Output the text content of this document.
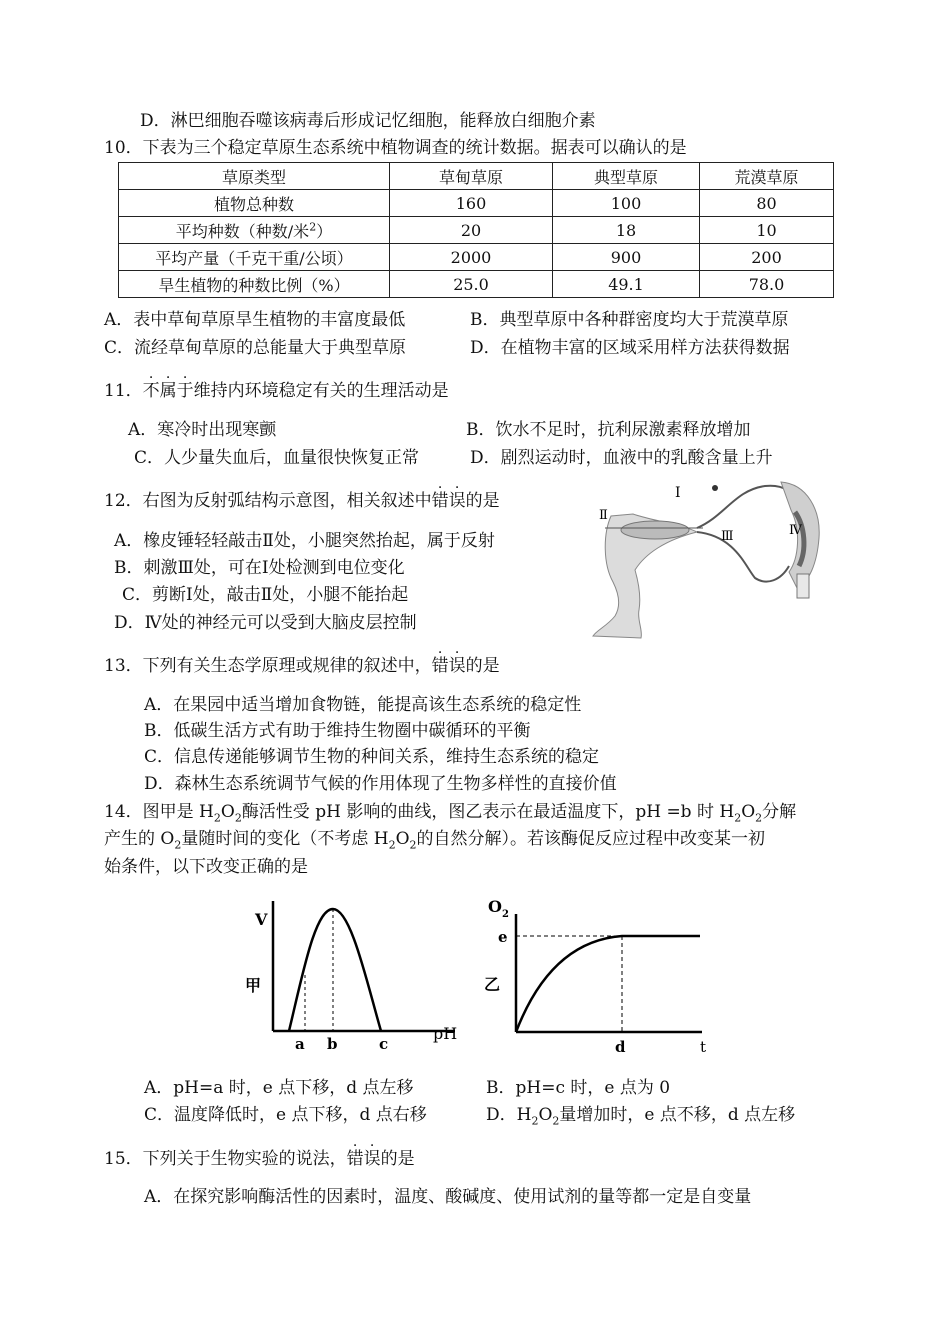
D．淋巴细胞吞噬该病毒后形成记忆细胞，能释放白细胞介素
10．下表为三个稳定草原生态系统中植物调查的统计数据。据表可以确认的是
草原类型	草甸草原	典型草原	荒漠草原
植物总种数	160	100	80
平均种数（种数/米$^2$）	20	18	10
平均产量（千克干重/公顷）	2000	900	200
旱生植物的种数比例（%）	25.0	49.1	78.0
A．表中草甸草原旱生植物的丰富度最低	B．典型草原中各种群密度均大于荒漠草原
C．流经草甸草原的总能量大于典型草原	D．在植物丰富的区域采用样方法获得数据
11．不属于维持内环境稳定有关的生理活动是
A．寒冷时出现寒颤	B．饮水不足时，抗利尿激素释放增加
C．人少量失血后，血量很快恢复正常	D．剧烈运动时，血液中的乳酸含量上升
12．右图为反射弧结构示意图，相关叙述中错误的是
A．橡皮锤轻轻敲击Ⅱ处，小腿突然抬起，属于反射
B．刺激Ⅲ处，可在Ⅰ处检测到电位变化
C．剪断Ⅰ处，敲击Ⅱ处，小腿不能抬起
D．Ⅳ处的神经元可以受到大脑皮层控制
Ⅰ
Ⅱ
Ⅲ	Ⅳ
13．下列有关生态学原理或规律的叙述中，错误的是
A．在果园中适当增加食物链，能提高该生态系统的稳定性
B．低碳生活方式有助于维持生物圈中碳循环的平衡
C．信息传递能够调节生物的种间关系，维持生态系统的稳定
D．森林生态系统调节气候的作用体现了生物多样性的直接价值
14．图甲是 $H_2O_2$酶活性受 pH 影响的曲线，图乙表示在最适温度下，pH =b 时 $H_2O_2$分解
产生的 $O_2$量随时间的变化（不考虑 $H_2O_2$的自然分解）。若该酶促反应过程中改变某一初
始条件，以下改变正确的是
V
甲
pH
a b	c
$O_2$
e
乙
d	t
A．pH=a 时，e 点下移，d 点左移	B．pH=c 时，e 点为 0
C．温度降低时，e 点下移，d 点右移	D．$H_2O_2$量增加时，e 点不移，d 点左移
15．下列关于生物实验的说法，错误的是
A．在探究影响酶活性的因素时，温度、酸碱度、使用试剂的量等都一定是自变量
